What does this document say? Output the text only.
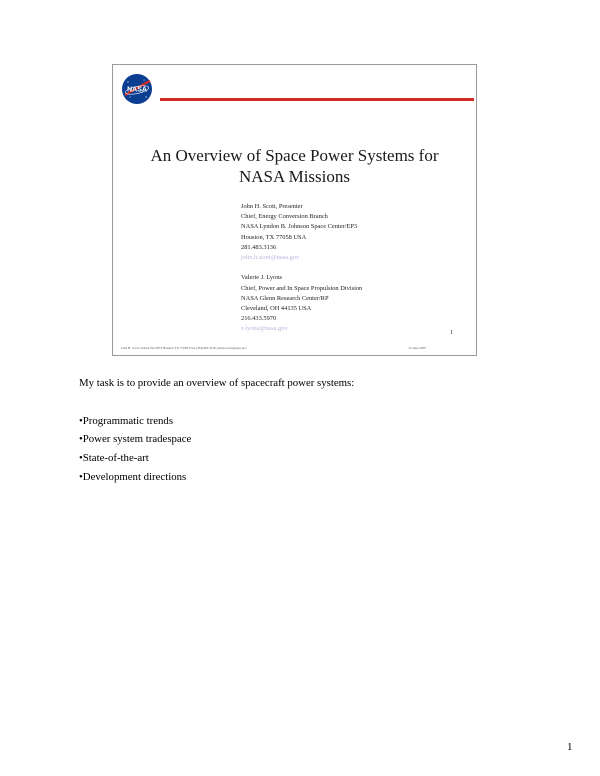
NASA
An Overview of Space Power Systems for
NASA Missions
John H. Scott, Presenter
Chief, Energy Conversion Branch
NASA Lyndon B. Johnson Space Center/EP3
Houston, TX 77058 USA
281.483.3136
john.h.scott@nasa.gov
Valerie J. Lyons
Chief, Power and In Space Propulsion Division
NASA Glenn Research Center/RP
Cleveland, OH 44135 USA
216.433.5970
v.lyons@nasa.gov
1
John H. Scott, NASA JSC/EP3 Houston TX 77058 USA (281)483-3136 john.h.scott@nasa.gov	25 June 2007
My task is to provide an overview of spacecraft power systems:
•Programmatic trends
•Power system tradespace
•State-of-the-art
•Development directions
1
